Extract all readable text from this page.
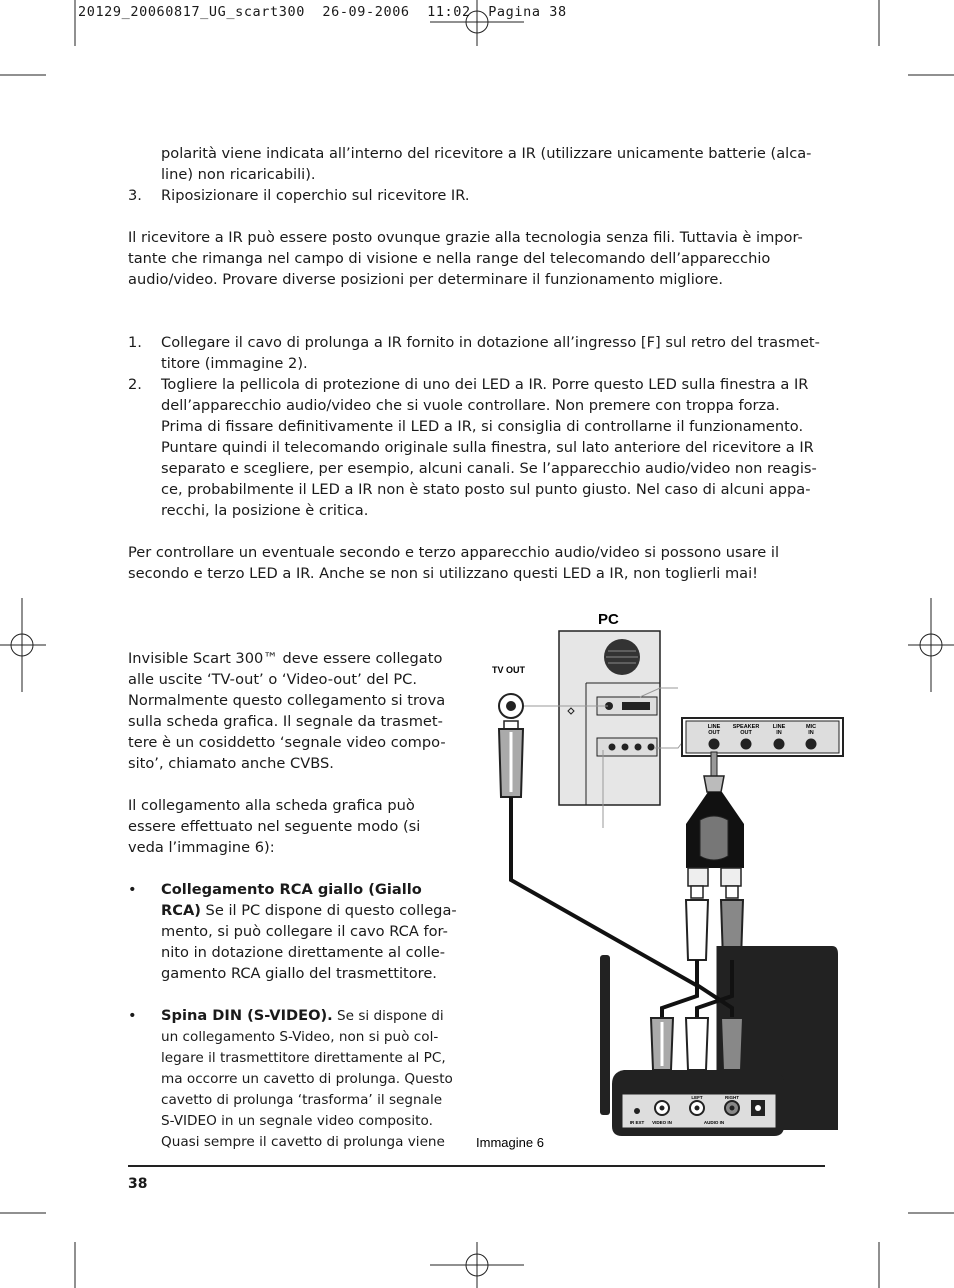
20129_20060817_UG_scart300  26-09-2006  11:02  Pagina 38
polarità viene indicata all’interno del ricevitore a IR (utilizzare unicamente batterie (alca-
line) non ricaricabili).
3. Riposizionare il coperchio sul ricevitore IR.
Il ricevitore a IR può essere posto ovunque grazie alla tecnologia senza fili. Tuttavia è impor-
tante che rimanga nel campo di visione e nella range del telecomando dell’apparecchio
audio/video. Provare diverse posizioni per determinare il funzionamento migliore.
1. Collegare il cavo di prolunga a IR fornito in dotazione all’ingresso [F] sul retro del trasmet-
titore (immagine 2).
2. Togliere la pellicola di protezione di uno dei LED a IR. Porre questo LED sulla finestra a IR
dell’apparecchio audio/video che si vuole controllare. Non premere con troppa forza.
Prima di fissare definitivamente il LED a IR, si consiglia di controllarne il funzionamento.
Puntare quindi il telecomando originale sulla finestra, sul lato anteriore del ricevitore a IR
separato e scegliere, per esempio, alcuni canali. Se l’apparecchio audio/video non reagis-
ce, probabilmente il LED a IR non è stato posto sul punto giusto. Nel caso di alcuni appa-
recchi, la posizione è critica.
Per controllare un eventuale secondo e terzo apparecchio audio/video si possono usare il
secondo e terzo LED a IR. Anche se non si utilizzano questi LED a IR, non toglierli mai!
Invisible Scart 300™ deve essere collegato
alle uscite ‘TV-out’ o ‘Video-out’ del PC.
Normalmente questo collegamento si trova
sulla scheda grafica. Il segnale da trasmet-
tere è un cosiddetto ‘segnale video compo-
sito’, chiamato anche CVBS.
Il collegamento alla scheda grafica può
essere effettuato nel seguente modo (si
veda l’immagine 6):
• Collegamento RCA giallo (Giallo
RCA) Se il PC dispone di questo collega-
mento, si può collegare il cavo RCA for-
nito in dotazione direttamente al colle-
gamento RCA giallo del trasmettitore.
• Spina DIN (S-VIDEO). Se si dispone di
un collegamento S-Video, non si può col-
legare il trasmettitore direttamente al PC,
ma occorre un cavetto di prolunga. Questo
cavetto di prolunga ‘trasforma’ il segnale
S-VIDEO in un segnale video composito.
Quasi sempre il cavetto di prolunga viene
PC
TV OUT
LINE
OUT
SPEAKER
OUT
LINE
IN
MIC
IN
IR EXT VIDEO IN
LEFT	RIGHT
AUDIO IN
Immagine 6
38
